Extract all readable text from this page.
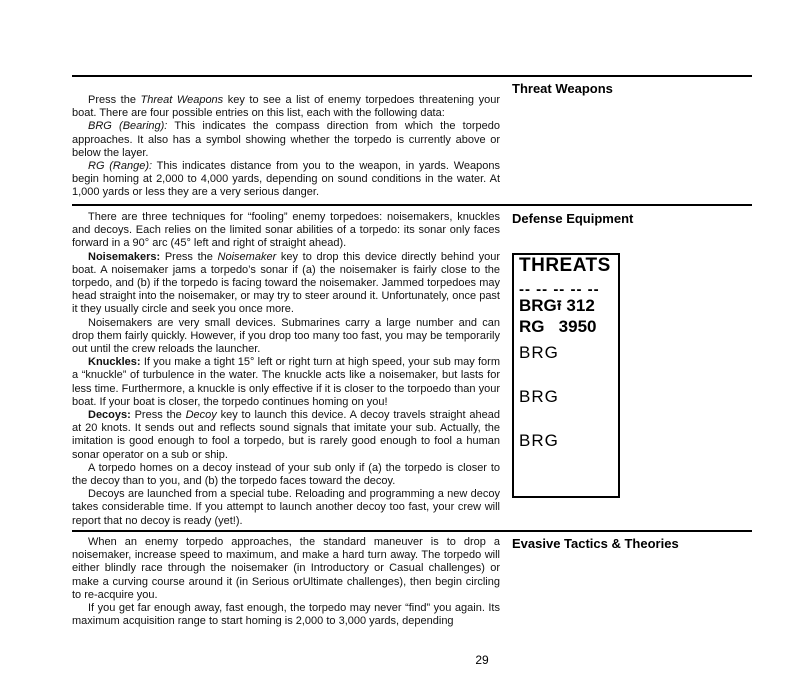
Threat Weapons
Defense Equipment
Evasive Tactics & Theories

Press the Threat Weapons key to see a list of enemy torpedoes threatening your boat. There are four possible entries on this list, each with the following data:

BRG (Bearing): This indicates the compass direction from which the torpedo approaches. It also has a symbol showing whether the torpedo is currently above or below the layer.

RG (Range): This indicates distance from you to the weapon, in yards. Weapons begin homing at 2,000 to 4,000 yards, depending on sound conditions in the water. At 1,000 yards or less they are a very serious danger.

There are three techniques for “fooling” enemy torpedoes: noisemakers, knuckles and decoys. Each relies on the limited sonar abilities of a torpedo: its sonar only faces forward in a 90° arc (45° left and right of straight ahead).

Noisemakers: Press the Noisemaker key to drop this device directly behind your boat. A noisemaker jams a torpedo’s sonar if (a) the noisemaker is fairly close to the torpedo, and (b) if the torpedo is facing toward the noisemaker. Jammed torpedoes may head straight into the noisemaker, or may try to steer around it. Unfortunately, once past it they usually circle and seek you once more.

Noisemakers are very small devices. Submarines carry a large number and can drop them fairly quickly. However, if you drop too many too fast, you may be temporarily out until the crew reloads the launcher.

Knuckles: If you make a tight 15° left or right turn at high speed, your sub may form a “knuckle” of turbulence in the water. The knuckle acts like a noisemaker, but lasts for less time. Furthermore, a knuckle is only effective if it is closer to the torpoedo than your boat. If your boat is closer, the torpedo continues homing on you!

Decoys: Press the Decoy key to launch this device. A decoy travels straight ahead at 20 knots. It sends out and reflects sound signals that imitate your sub. Actually, the imitation is good enough to fool a torpedo, but is rarely good enough to fool a human sonar operator on a sub or ship.

A torpedo homes on a decoy instead of your sub only if (a) the torpedo is closer to the decoy than to you, and (b) the torpedo faces toward the decoy.

Decoys are launched from a special tube. Reloading and programming a new decoy takes considerable time. If you attempt to launch another decoy too fast, your crew will report that no decoy is ready (yet!).

THREATS
-- -- -- -- --
BRG⭱ 312
RG 3950
BRG
BRG
BRG

When an enemy torpedo approaches, the standard maneuver is to drop a noisemaker, increase speed to maximum, and make a hard turn away. The torpedo will either blindly race through the noisemaker (in Introductory or Casual challenges) or make a curving course around it (in Serious orUltimate challenges), then begin circling to re-acquire you.

If you get far enough away, fast enough, the torpedo may never “find” you again. Its maximum acquisition range to start homing is 2,000 to 3,000 yards, depending

29
